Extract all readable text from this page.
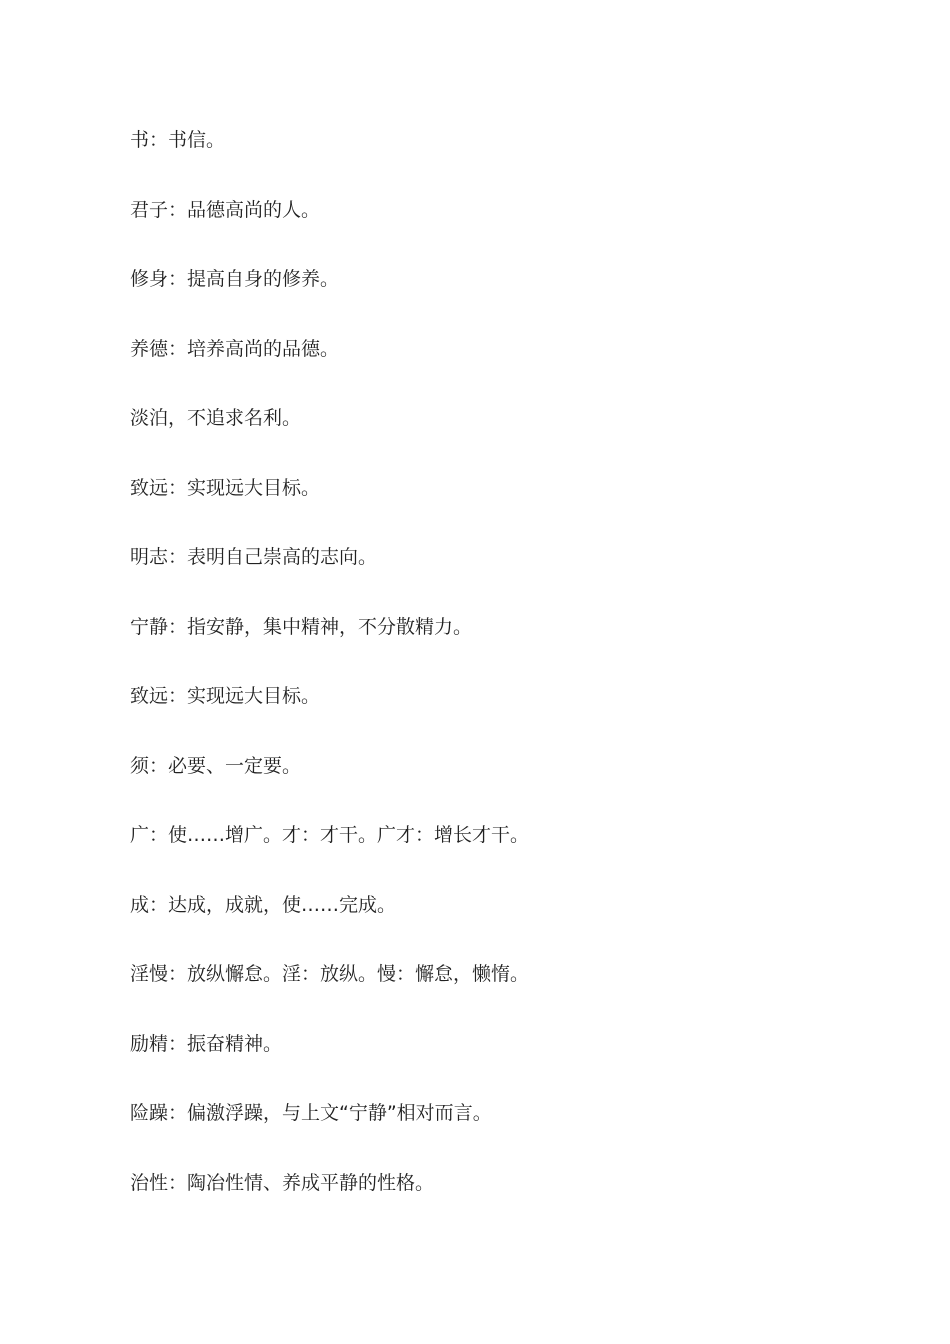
书：书信。
君子：品德高尚的人。
修身：提高自身的修养。
养德：培养高尚的品德。
淡泊，不追求名利。
致远：实现远大目标。
明志：表明自己崇高的志向。
宁静：指安静，集中精神，不分散精力。
致远：实现远大目标。
须：必要、一定要。
广：使……增广。才：才干。广才：增长才干。
成：达成，成就，使……完成。
淫慢：放纵懈怠。淫：放纵。慢：懈怠，懒惰。
励精：振奋精神。
险躁：偏激浮躁，与上文“宁静”相对而言。
治性：陶冶性情、养成平静的性格。
